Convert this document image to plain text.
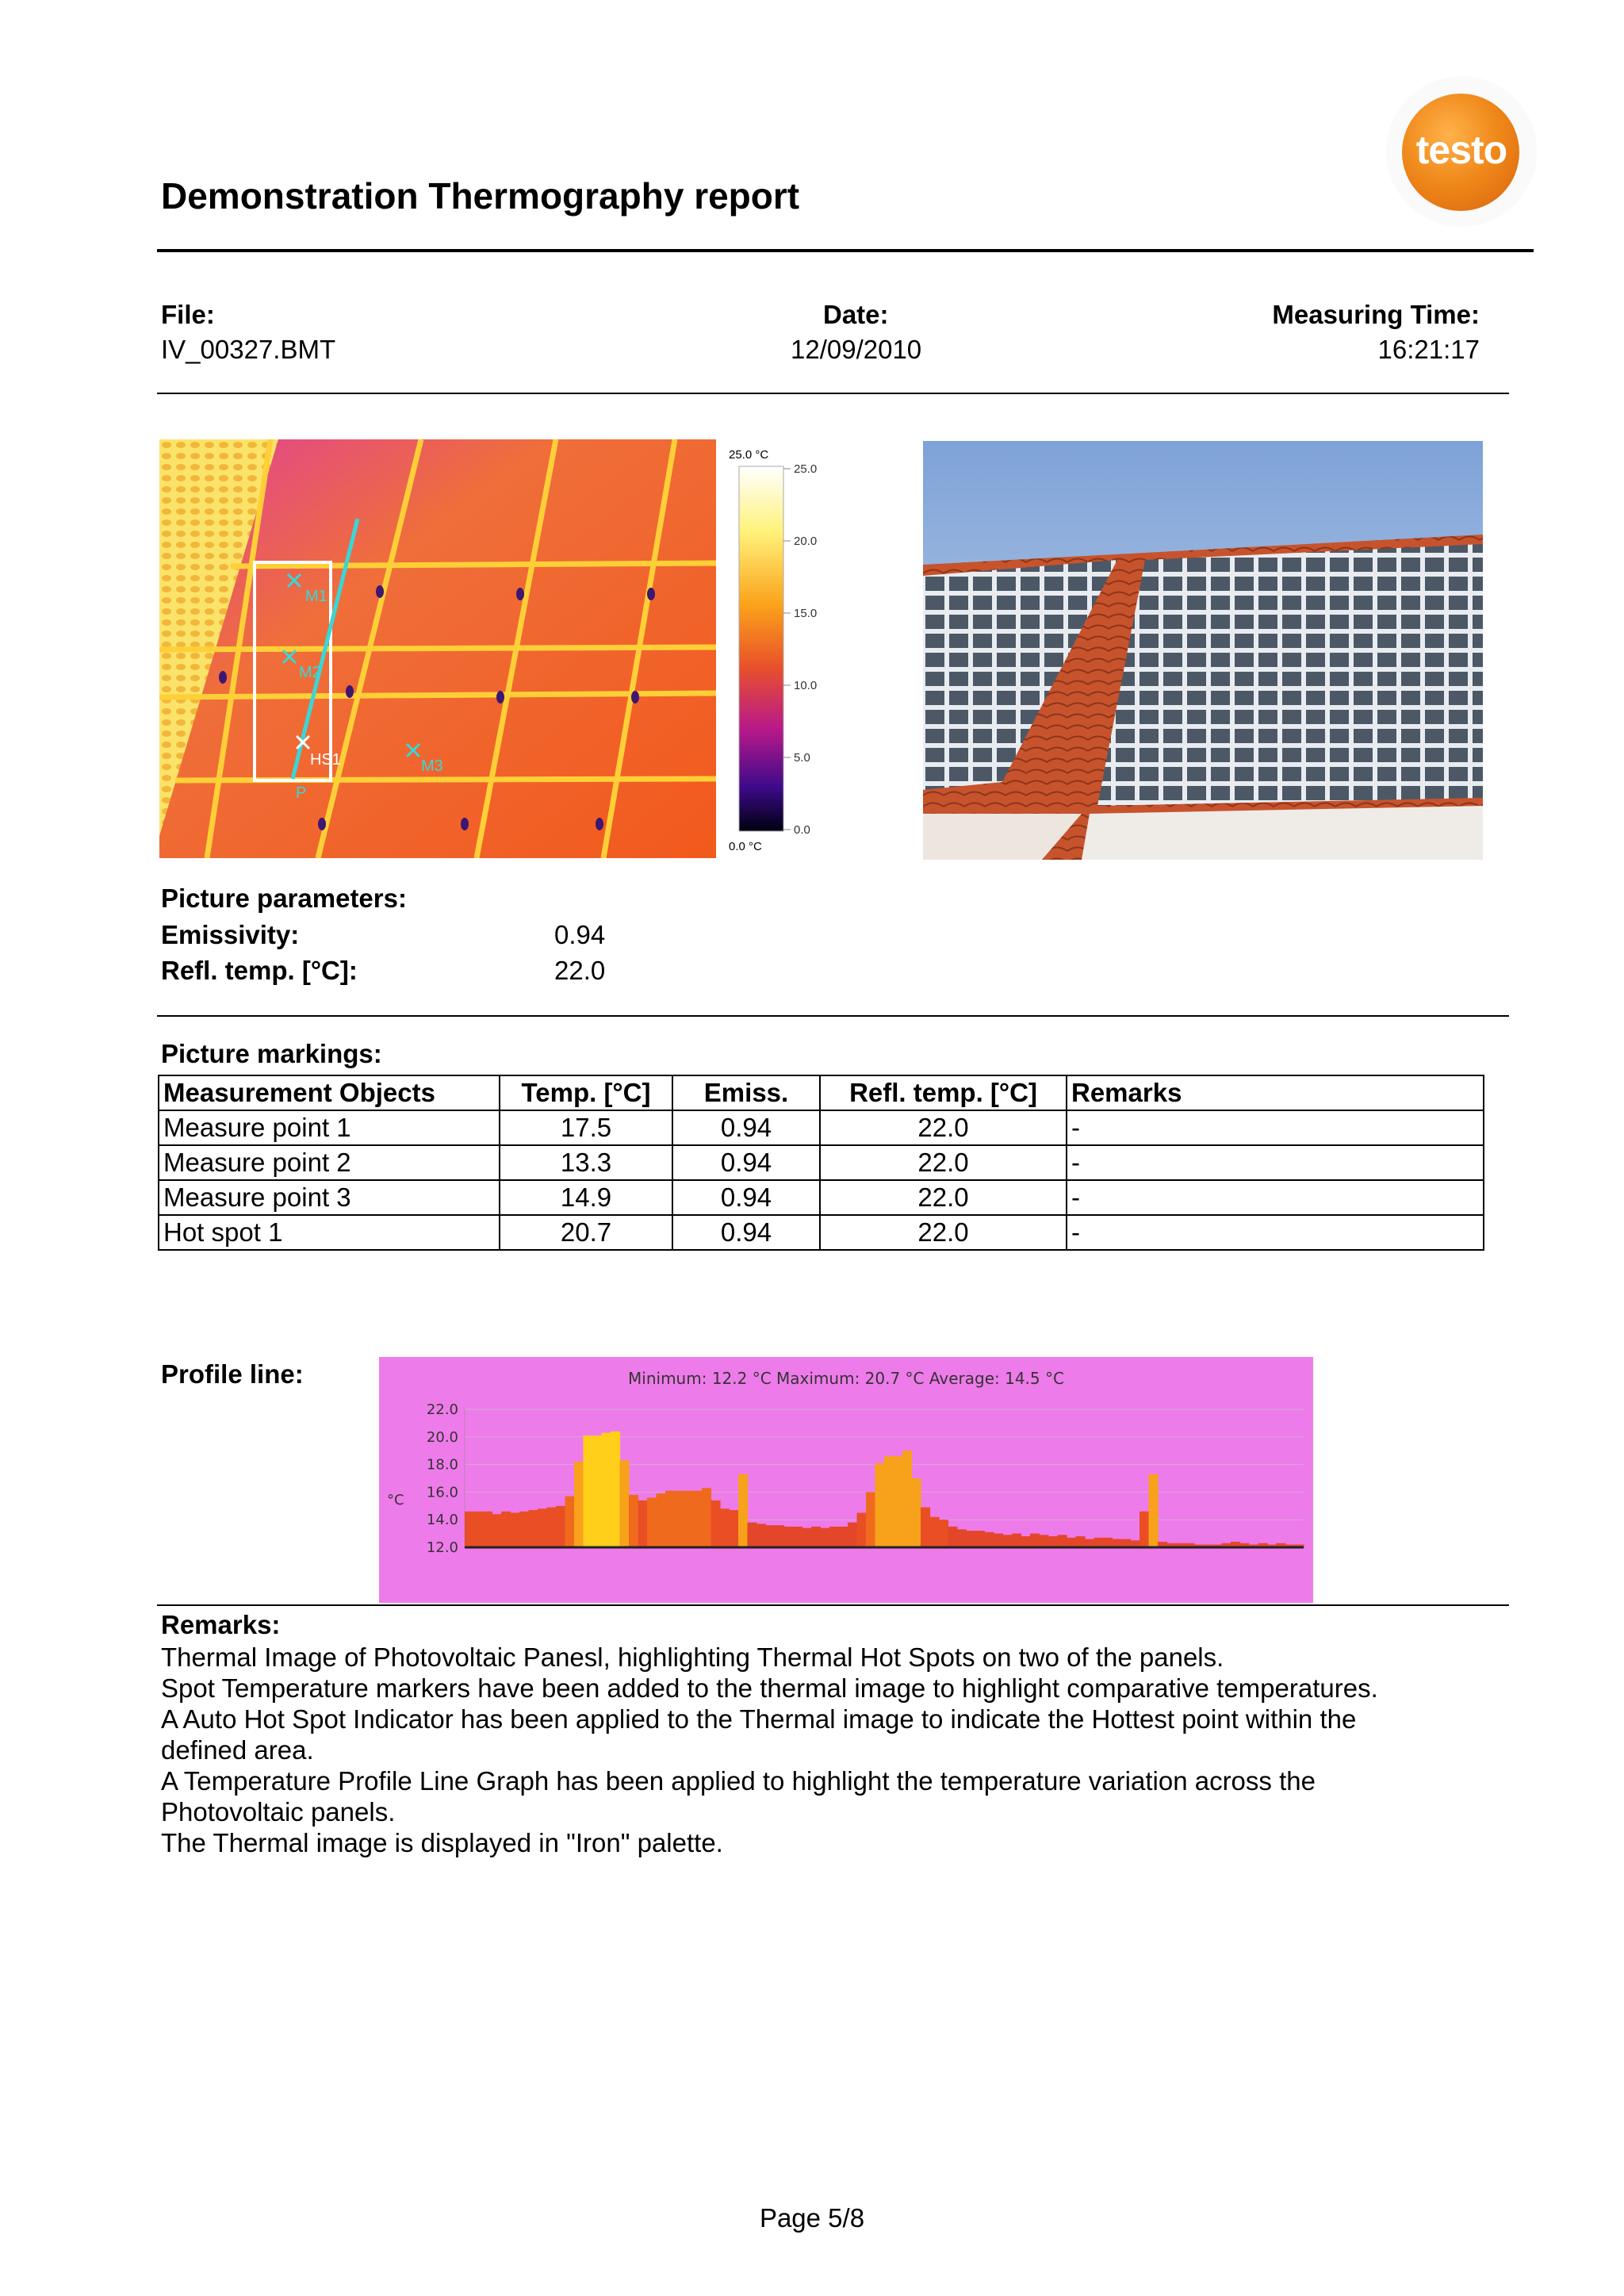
Demonstration Thermography report
testo
File:
IV_00327.BMT
Date:
12/09/2010
Measuring Time:
16:21:17
M1
M2
M3
HS1
P
25.0 °C
25.0
20.0
15.0
10.0
5.0
0.0
0.0 °C
Picture parameters:
Emissivity:	0.94
Refl. temp. [°C]:	22.0
Picture markings:
Measurement Objects	Temp. [°C]	Emiss.	Refl. temp. [°C]	Remarks
Measure point 1	17.5	0.94	22.0	-
Measure point 2	13.3	0.94	22.0	-
Measure point 3	14.9	0.94	22.0	-
Hot spot 1	20.7	0.94	22.0	-
Profile line:	Minimum: 12.2 °C Maximum: 20.7 °C Average: 14.5 °C
°C
22.0
20.0
18.0
16.0
14.0
12.0
Remarks:

Thermal Image of Photovoltaic Panesl, highlighting Thermal Hot Spots on two of the panels.

Spot Temperature markers have been added to the thermal image to highlight comparative temperatures.

A Auto Hot Spot Indicator has been applied to the Thermal image to indicate the Hottest point within the

defined area.

A Temperature Profile Line Graph has been applied to highlight the temperature variation across the

Photovoltaic panels.

The Thermal image is displayed in "Iron" palette.

Page 5/8
